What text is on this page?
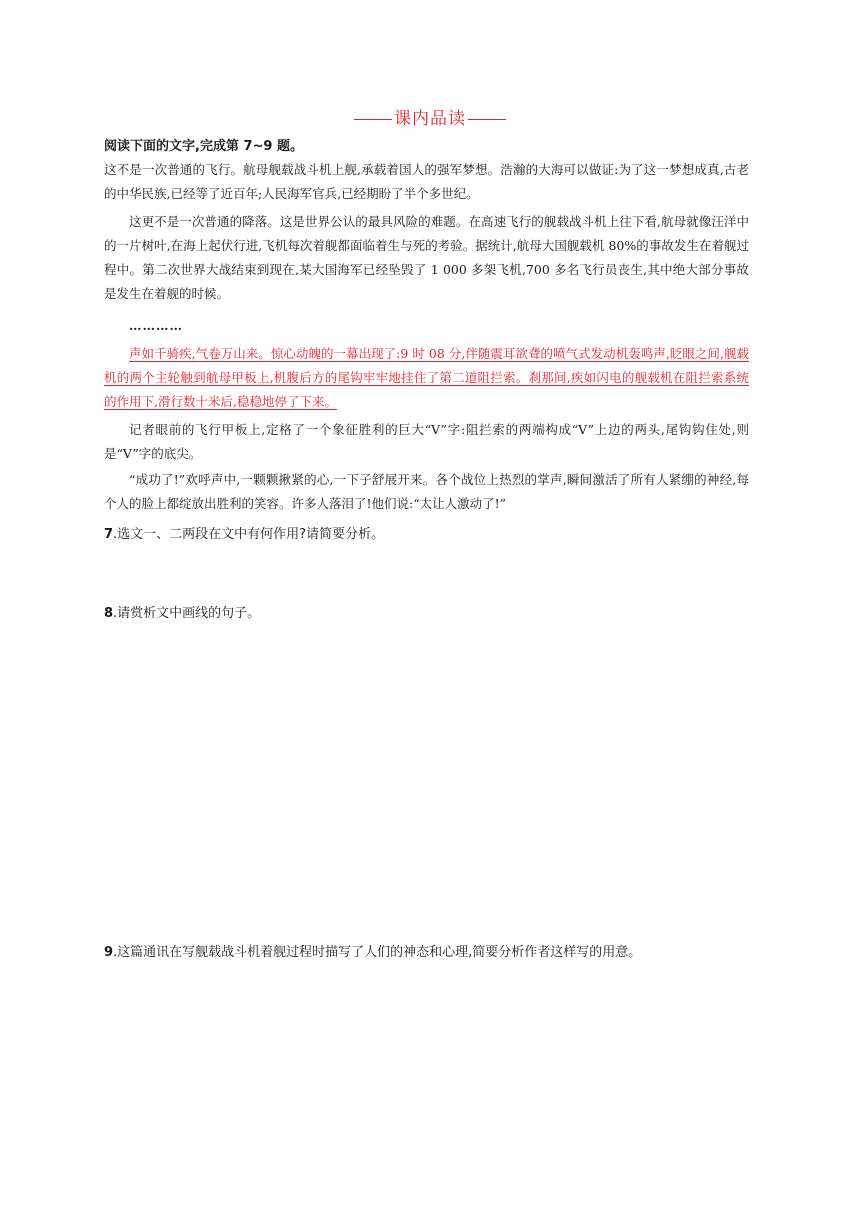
课内品读
阅读下面的文字,完成第 7~9 题。
这不是一次普通的飞行。航母舰载战斗机上舰,承载着国人的强军梦想。浩瀚的大海可以做证:为了这一梦想成真,古老的中华民族,已经等了近百年;人民海军官兵,已经期盼了半个多世纪。
这更不是一次普通的降落。这是世界公认的最具风险的难题。在高速飞行的舰载战斗机上往下看,航母就像汪洋中的一片树叶,在海上起伏行进,飞机每次着舰都面临着生与死的考验。据统计,航母大国舰载机 80%的事故发生在着舰过程中。第二次世界大战结束到现在,某大国海军已经坠毁了 1 000 多架飞机,700 多名飞行员丧生,其中绝大部分事故是发生在着舰的时候。
…………
声如千骑疾,气卷万山来。惊心动魄的一幕出现了:9 时 08 分,伴随震耳欲聋的喷气式发动机轰鸣声,眨眼之间,舰载机的两个主轮触到航母甲板上,机腹后方的尾钩牢牢地挂住了第二道阻拦索。刹那间,疾如闪电的舰载机在阻拦索系统的作用下,滑行数十米后,稳稳地停了下来。
记者眼前的飞行甲板上,定格了一个象征胜利的巨大“V”字:阻拦索的两端构成“V”上边的两头,尾钩钩住处,则是“V”字的底尖。
“成功了!”欢呼声中,一颗颗揪紧的心,一下子舒展开来。各个战位上热烈的掌声,瞬间激活了所有人紧绷的神经,每个人的脸上都绽放出胜利的笑容。许多人落泪了!他们说:“太让人激动了!”
7.选文一、二两段在文中有何作用?请简要分析。
8.请赏析文中画线的句子。
9.这篇通讯在写舰载战斗机着舰过程时描写了人们的神态和心理,简要分析作者这样写的用意。
